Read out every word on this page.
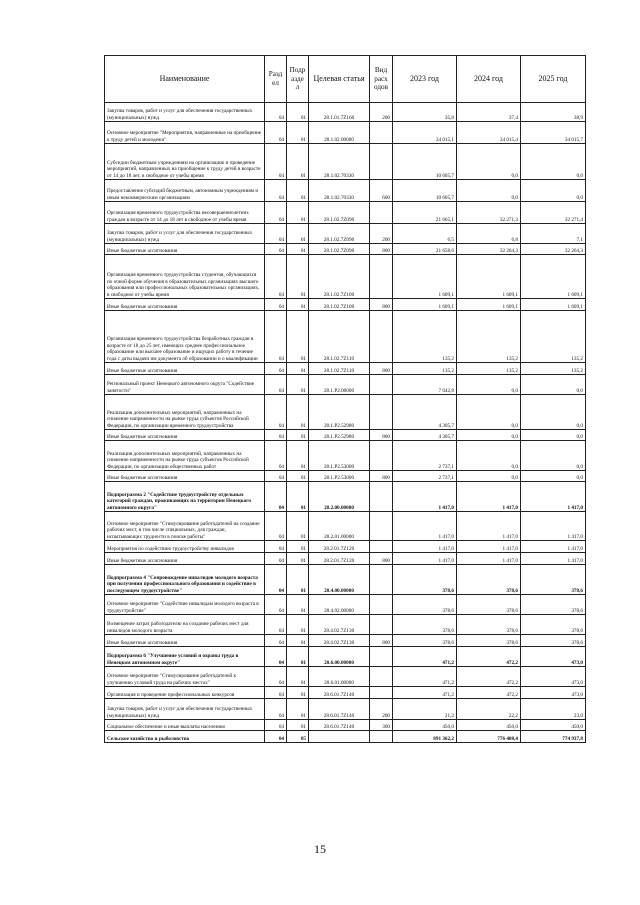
Наименование	Разд ел	Подр азде л	Целевая статья	Вид расх одов	2023 год	2024 год	2025 год
Закупка товаров, работ и услуг для обеспечения государственных (муниципальных) нужд	04	01	28.1.01.7Z160	200	35,8	37,4	38,9
Основное мероприятие "Мероприятия, направленные на приобщение к труду детей и молодежи"	04	01	28.1.02.00000		34 015,1	34 015,4	34 015,7
Субсидии бюджетным учреждениям на организацию и проведение мероприятий, направленных на приобщение к труду детей в возрасте от 14 до 18 лет, в свободное от учебы время	04	01	28.1.02.70330		10 605,7	0,0	0,0
Предоставление субсидий бюджетным, автономным учреждениям и иным некоммерческим организациям	04	01	28.1.02.70330	600	10 605,7	0,0	0,0
Организация временного трудоустройства несовершеннолетних граждан в возрасте от 14 до 18 лет в свободное от учебы время	04	01	28.1.02.7Z090		21 665,1	32 271,3	32 271,4
Закупка товаров, работ и услуг для обеспечения государственных (муниципальных) нужд	04	01	28.1.02.7Z090	200	6,5	6,8	7,1
Иные бюджетные ассигнования	04	01	28.1.02.7Z090	800	21 658,6	32 264,3	32 264,3
Организация временного трудоустройства студентов, обучающихся по очной форме обучения в образовательных организациях высшего образования или профессиональных образовательных организациях, в свободное от учебы время	04	01	28.1.02.7Z100		1 609,1	1 609,1	1 609,1
Иные бюджетные ассигнования	04	01	28.1.02.7Z100	800	1 609,1	1 609,1	1 609,1
Организация временного трудоустройства безработных граждан в возрасте от 18 до 25 лет, имеющих среднее профессиональное образование или высшее образование и ищущих работу в течение года с даты выдачи им документа об образовании и о квалификации	04	01	28.1.02.7Z110		135,2	135,2	135,2
Иные бюджетные ассигнования	04	01	28.1.02.7Z110	800	135,2	135,2	135,2
Региональный проект Ненецкого автономного округа "Содействие занятости"	04	01	28.1.P2.00000		7 042,8	0,0	0,0
Реализация дополнительных мероприятий, направленных на снижение напряженности на рынке труда субъектов Российской Федерации, по организации временного трудоустройства	04	01	28.1.P2.52980		4 305,7	0,0	0,0
Иные бюджетные ассигнования	04	01	28.1.P2.52980	800	4 305,7	0,0	0,0
Реализация дополнительных мероприятий, направленных на снижение напряженности на рынке труда субъектов Российской Федерации, по организации общественных работ	04	01	28.1.P2.53000		2 737,1	0,0	0,0
Иные бюджетные ассигнования	04	01	28.1.P2.53000	800	2 737,1	0,0	0,0
Подпрограмма 2 "Содействие трудоустройству отдельных категорий граждан, проживающих на территории Ненецкого автономного округа"	04	01	28.2.00.00000		1 417,0	1 417,0	1 417,0
Основное мероприятие "Стимулирование работодателей на создание рабочих мест, в том числе специальных, для граждан, испытывающих трудности в поиске работы"	04	01	28.2.01.00000		1 417,0	1 417,0	1 417,0
Мероприятия по содействию трудоустройству инвалидов	04	01	28.2.01.7Z120		1 417,0	1 417,0	1 417,0
Иные бюджетные ассигнования	04	01	28.2.01.7Z120	800	1 417,0	1 417,0	1 417,0
Подпрограмма 4 "Сопровождение инвалидов молодого возраста при получении профессионального образования и содействие в последующем трудоустройстве"	04	01	28.4.00.00000		378,6	378,6	378,6
Основное мероприятие "Содействие инвалидам молодого возраста в трудоустройстве"	04	01	28.4.02.00000		378,6	378,6	378,6
Возмещение затрат работодателю на создание рабочих мест для инвалидов молодого возраста	04	01	28.4.02.7Z130		378,6	378,6	378,6
Иные бюджетные ассигнования	04	01	28.4.02.7Z130	800	378,6	378,6	378,6
Подпрограмма 6 "Улучшение условий и охраны труда в Ненецком автономном округе"	04	01	28.6.00.00000		471,2	472,2	473,0
Основное мероприятие "Стимулирование работодателей к улучшению условий труда на рабочих местах"	04	01	28.6.01.00000		471,2	472,2	473,0
Организация и проведение профессиональных конкурсов	04	01	28.6.01.7Z140		471,2	472,2	473,0
Закупка товаров, работ и услуг для обеспечения государственных (муниципальных) нужд	04	01	28.6.01.7Z140	200	21,2	22,2	23,0
Социальное обеспечение и иные выплаты населению	04	01	28.6.01.7Z140	300	450,0	450,0	450,0
Сельское хозяйство и рыболовство	04	05			891 362,2	776 408,4	774 937,8
15
